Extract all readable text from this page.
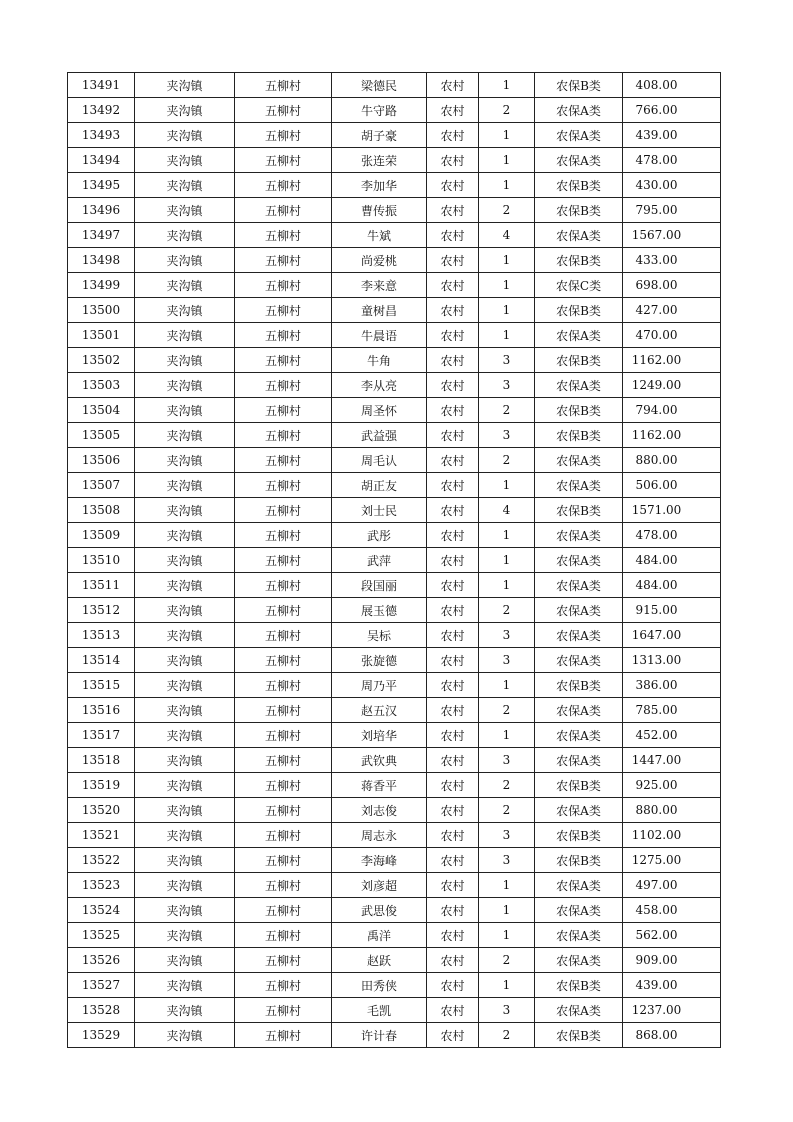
13491	夹沟镇	五柳村	梁德民	农村	1	农保B类	408.00
13492	夹沟镇	五柳村	牛守路	农村	2	农保A类	766.00
13493	夹沟镇	五柳村	胡子豪	农村	1	农保A类	439.00
13494	夹沟镇	五柳村	张连荣	农村	1	农保A类	478.00
13495	夹沟镇	五柳村	李加华	农村	1	农保B类	430.00
13496	夹沟镇	五柳村	曹传振	农村	2	农保B类	795.00
13497	夹沟镇	五柳村	牛斌	农村	4	农保A类	1567.00
13498	夹沟镇	五柳村	尚爱桃	农村	1	农保B类	433.00
13499	夹沟镇	五柳村	李来意	农村	1	农保C类	698.00
13500	夹沟镇	五柳村	童树昌	农村	1	农保B类	427.00
13501	夹沟镇	五柳村	牛晨语	农村	1	农保A类	470.00
13502	夹沟镇	五柳村	牛角	农村	3	农保B类	1162.00
13503	夹沟镇	五柳村	李从亮	农村	3	农保A类	1249.00
13504	夹沟镇	五柳村	周圣怀	农村	2	农保B类	794.00
13505	夹沟镇	五柳村	武益强	农村	3	农保B类	1162.00
13506	夹沟镇	五柳村	周毛认	农村	2	农保A类	880.00
13507	夹沟镇	五柳村	胡正友	农村	1	农保A类	506.00
13508	夹沟镇	五柳村	刘士民	农村	4	农保B类	1571.00
13509	夹沟镇	五柳村	武彤	农村	1	农保A类	478.00
13510	夹沟镇	五柳村	武萍	农村	1	农保A类	484.00
13511	夹沟镇	五柳村	段国丽	农村	1	农保A类	484.00
13512	夹沟镇	五柳村	展玉德	农村	2	农保A类	915.00
13513	夹沟镇	五柳村	吴标	农村	3	农保A类	1647.00
13514	夹沟镇	五柳村	张旋德	农村	3	农保A类	1313.00
13515	夹沟镇	五柳村	周乃平	农村	1	农保B类	386.00
13516	夹沟镇	五柳村	赵五汉	农村	2	农保A类	785.00
13517	夹沟镇	五柳村	刘培华	农村	1	农保A类	452.00
13518	夹沟镇	五柳村	武钦典	农村	3	农保A类	1447.00
13519	夹沟镇	五柳村	蒋香平	农村	2	农保B类	925.00
13520	夹沟镇	五柳村	刘志俊	农村	2	农保A类	880.00
13521	夹沟镇	五柳村	周志永	农村	3	农保B类	1102.00
13522	夹沟镇	五柳村	李海峰	农村	3	农保B类	1275.00
13523	夹沟镇	五柳村	刘彦超	农村	1	农保A类	497.00
13524	夹沟镇	五柳村	武思俊	农村	1	农保A类	458.00
13525	夹沟镇	五柳村	禹洋	农村	1	农保A类	562.00
13526	夹沟镇	五柳村	赵跃	农村	2	农保A类	909.00
13527	夹沟镇	五柳村	田秀侠	农村	1	农保B类	439.00
13528	夹沟镇	五柳村	毛凯	农村	3	农保A类	1237.00
13529	夹沟镇	五柳村	许计春	农村	2	农保B类	868.00
